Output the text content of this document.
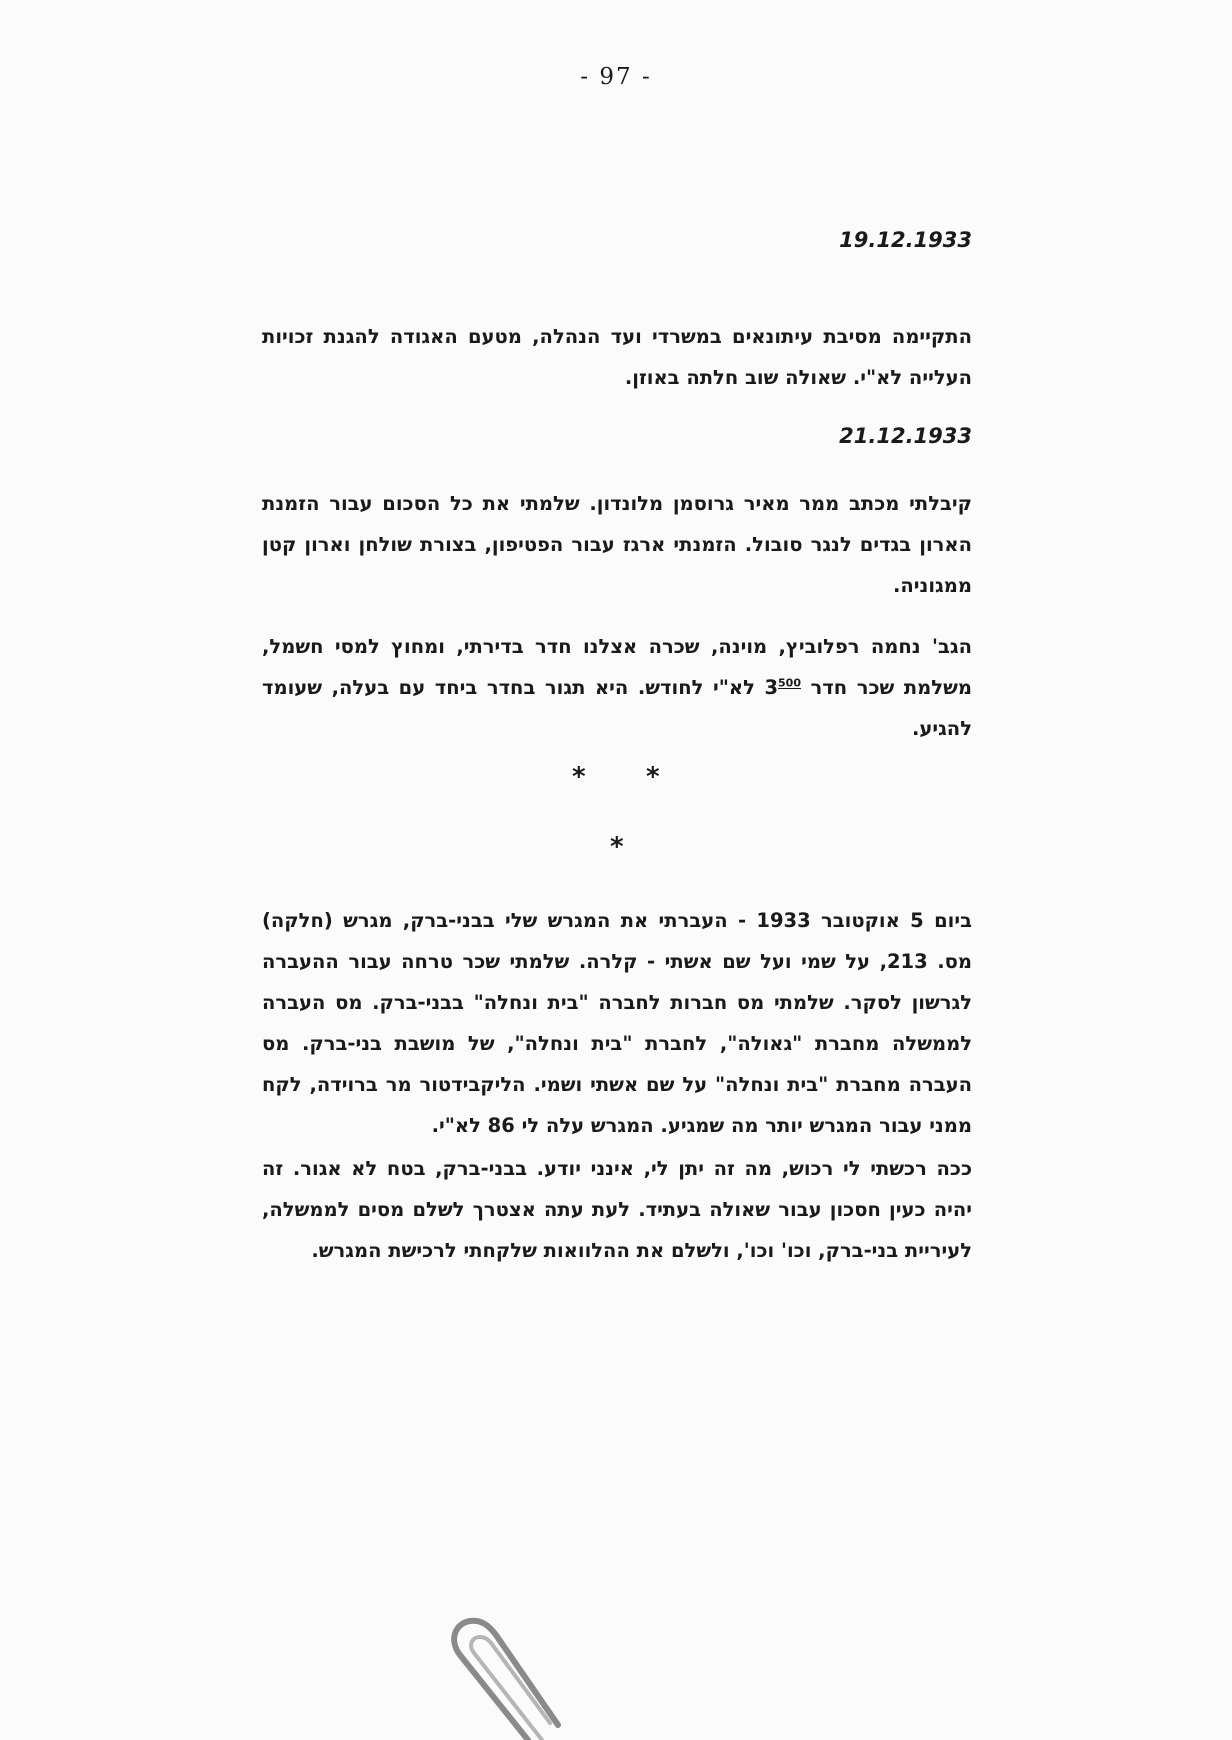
- 97 -
19.12.1933

התקיימה מסיבת עיתונאים במשרדי ועד הנהלה, מטעם האגודה להגנת זכויות העלייה לא"י. שאולה שוב חלתה באוזן.

21.12.1933

קיבלתי מכתב ממר מאיר גרוסמן מלונדון. שלמתי את כל הסכום עבור הזמנת הארון בגדים לנגר סובול. הזמנתי ארגז עבור הפטיפון, בצורת שולחן וארון קטן ממגוניה.

הגב' נחמה רפלוביץ, מוינה, שכרה אצלנו חדר בדירתי, ומחוץ למסי חשמל, משלמת שכר חדר $3^{500}$ לא"י לחודש. היא תגור בחדר ביחד עם בעלה, שעומד להגיע.

* *
*

ביום 5 אוקטובר 1933 - העברתי את המגרש שלי בבני-ברק, מגרש (חלקה) מס. 213, על שמי ועל שם אשתי - קלרה. שלמתי שכר טרחה עבור ההעברה לגרשון לסקר. שלמתי מס חברות לחברה "בית ונחלה" בבני-ברק. מס העברה לממשלה מחברת "גאולה", לחברת "בית ונחלה", של מושבת בני-ברק. מס העברה מחברת "בית ונחלה" על שם אשתי ושמי. הליקבידטור מר ברוידה, לקח ממני עבור המגרש יותר מה שמגיע. המגרש עלה לי 86 לא"י.

ככה רכשתי לי רכוש, מה זה יתן לי, אינני יודע. בבני-ברק, בטח לא אגור. זה יהיה כעין חסכון עבור שאולה בעתיד. לעת עתה אצטרך לשלם מסים לממשלה, לעיריית בני-ברק, וכו' וכו', ולשלם את ההלוואות שלקחתי לרכישת המגרש.
